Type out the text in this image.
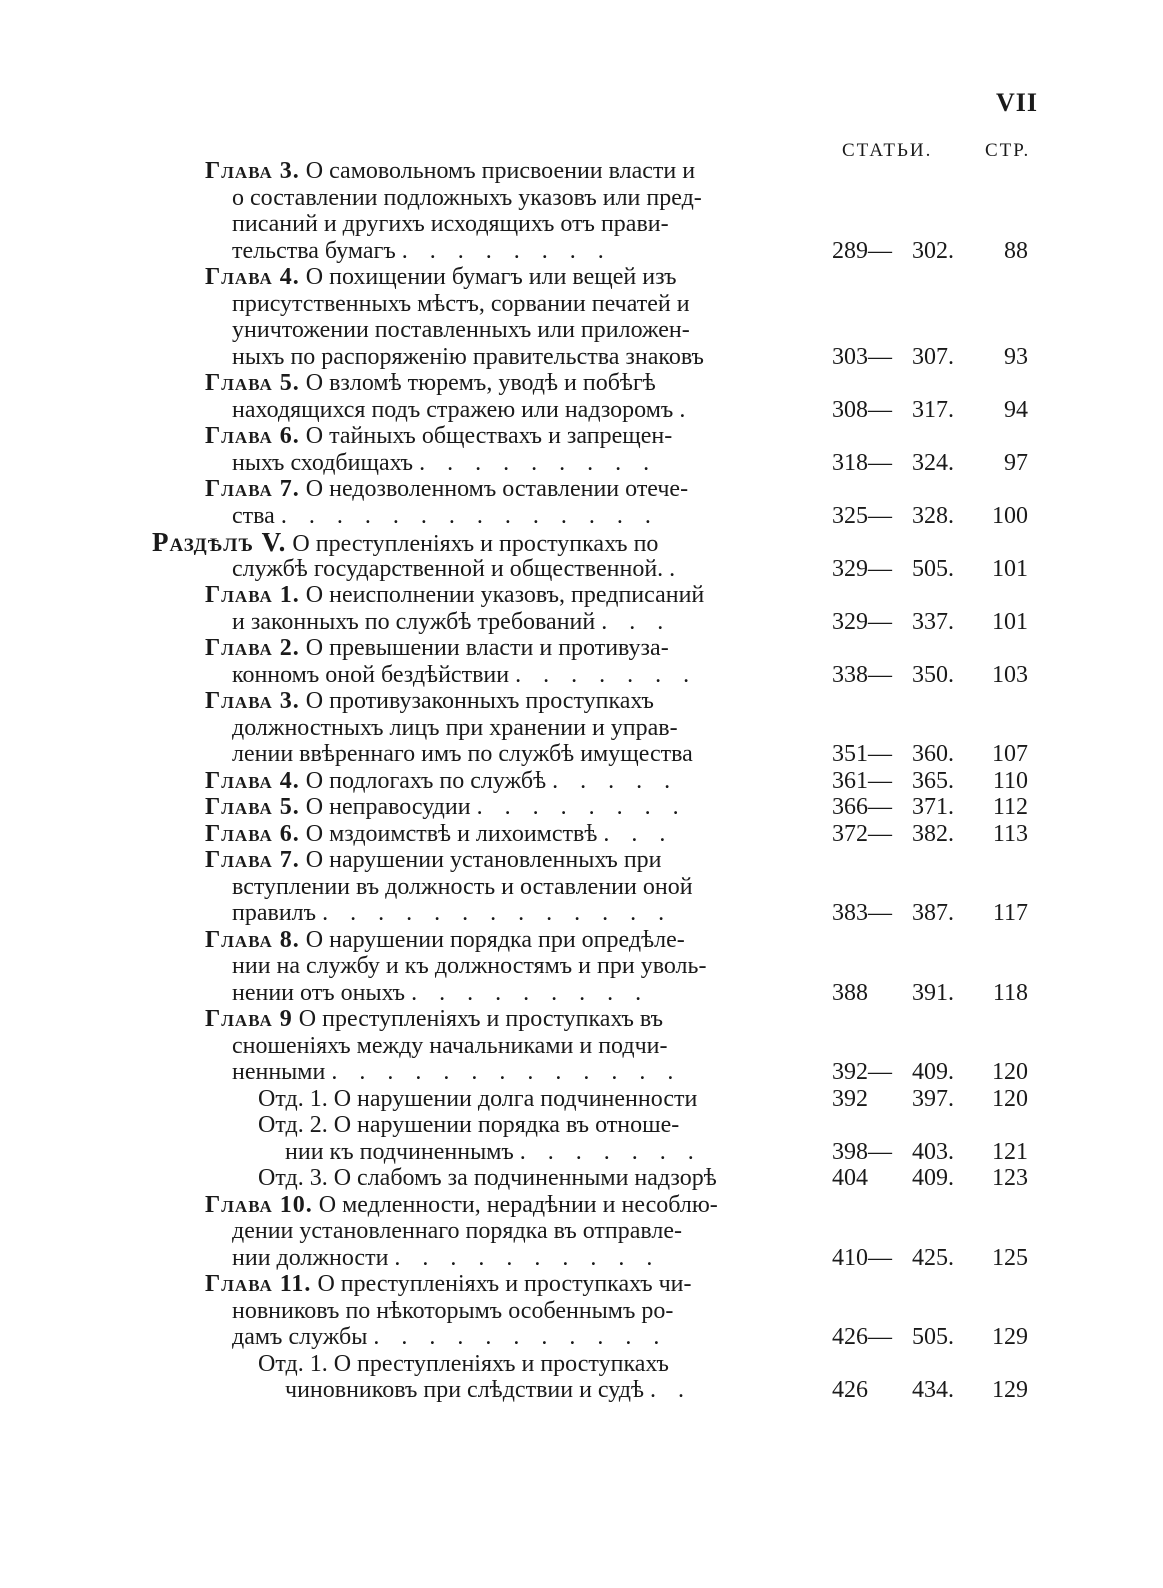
VII
СТАТЬИ.	СТР.
Глава 3. О самовольномъ присвоении власти и
о составлении подложныхъ указовъ или пред-
писаний и другихъ исходящихъ отъ прави-
тельства бумагъ . . . . . . . .	289— 302. 88
Глава 4. О похищении бумагъ или вещей изъ
присутственныхъ мѣстъ, сорвании печатей и
уничтожении поставленныхъ или приложен-
ныхъ по распоряженію правительства знаковъ	303— 307. 93
Глава 5. О взломѣ тюремъ, уводѣ и побѣгѣ
находящихся подъ стражею или надзоромъ .	308— 317. 94
Глава 6. О тайныхъ обществахъ и запрещен-
ныхъ сходбищахъ . . . . . . . . .	318— 324. 97
Глава 7. О недозволенномъ оставлении отече-
ства . . . . . . . . . . . . . .	325— 328. 100
Раздѣлъ V. О преступленіяхъ и проступкахъ по
службѣ государственной и общественной. .	329— 505. 101
Глава 1. О неисполнении указовъ, предписаний
и законныхъ по службѣ требований . . .	329— 337. 101
Глава 2. О превышении власти и противуза-
конномъ оной бездѣйствии . . . . . . .	338— 350. 103
Глава 3. О противузаконныхъ проступкахъ
должностныхъ лицъ при хранении и управ-
лении ввѣреннаго имъ по службѣ имущества	351— 360. 107
Глава 4. О подлогахъ по службѣ . . . . .	361— 365. 110
Глава 5. О неправосудии . . . . . . . .	366— 371. 112
Глава 6. О мздоимствѣ и лихоимствѣ . . .	372— 382. 113
Глава 7. О нарушении установленныхъ при
вступлении въ должность и оставлении оной
правилъ . . . . . . . . . . . . .	383— 387. 117
Глава 8. О нарушении порядка при опредѣле-
нии на службу и къ должностямъ и при уволь-
нении отъ оныхъ . . . . . . . . .	388 391. 118
Глава 9 О преступленіяхъ и проступкахъ въ
сношеніяхъ между начальниками и подчи-
ненными . . . . . . . . . . . . .	392— 409. 120
Отд. 1. О нарушении долга подчиненности	392 397. 120
Отд. 2. О нарушении порядка въ отноше-
нии къ подчиненнымъ . . . . . . .	398— 403. 121
Отд. 3. О слабомъ за подчиненными надзорѣ	404 409. 123
Глава 10. О медленности, нерадѣнии и несоблю-
дении установленнаго порядка въ отправле-
нии должности . . . . . . . . . .	410— 425. 125
Глава 11. О преступленіяхъ и проступкахъ чи-
новниковъ по нѣкоторымъ особеннымъ ро-
дамъ службы . . . . . . . . . . .	426— 505. 129
Отд. 1. О преступленіяхъ и проступкахъ
чиновниковъ при слѣдствии и судѣ . .	426 434. 129
